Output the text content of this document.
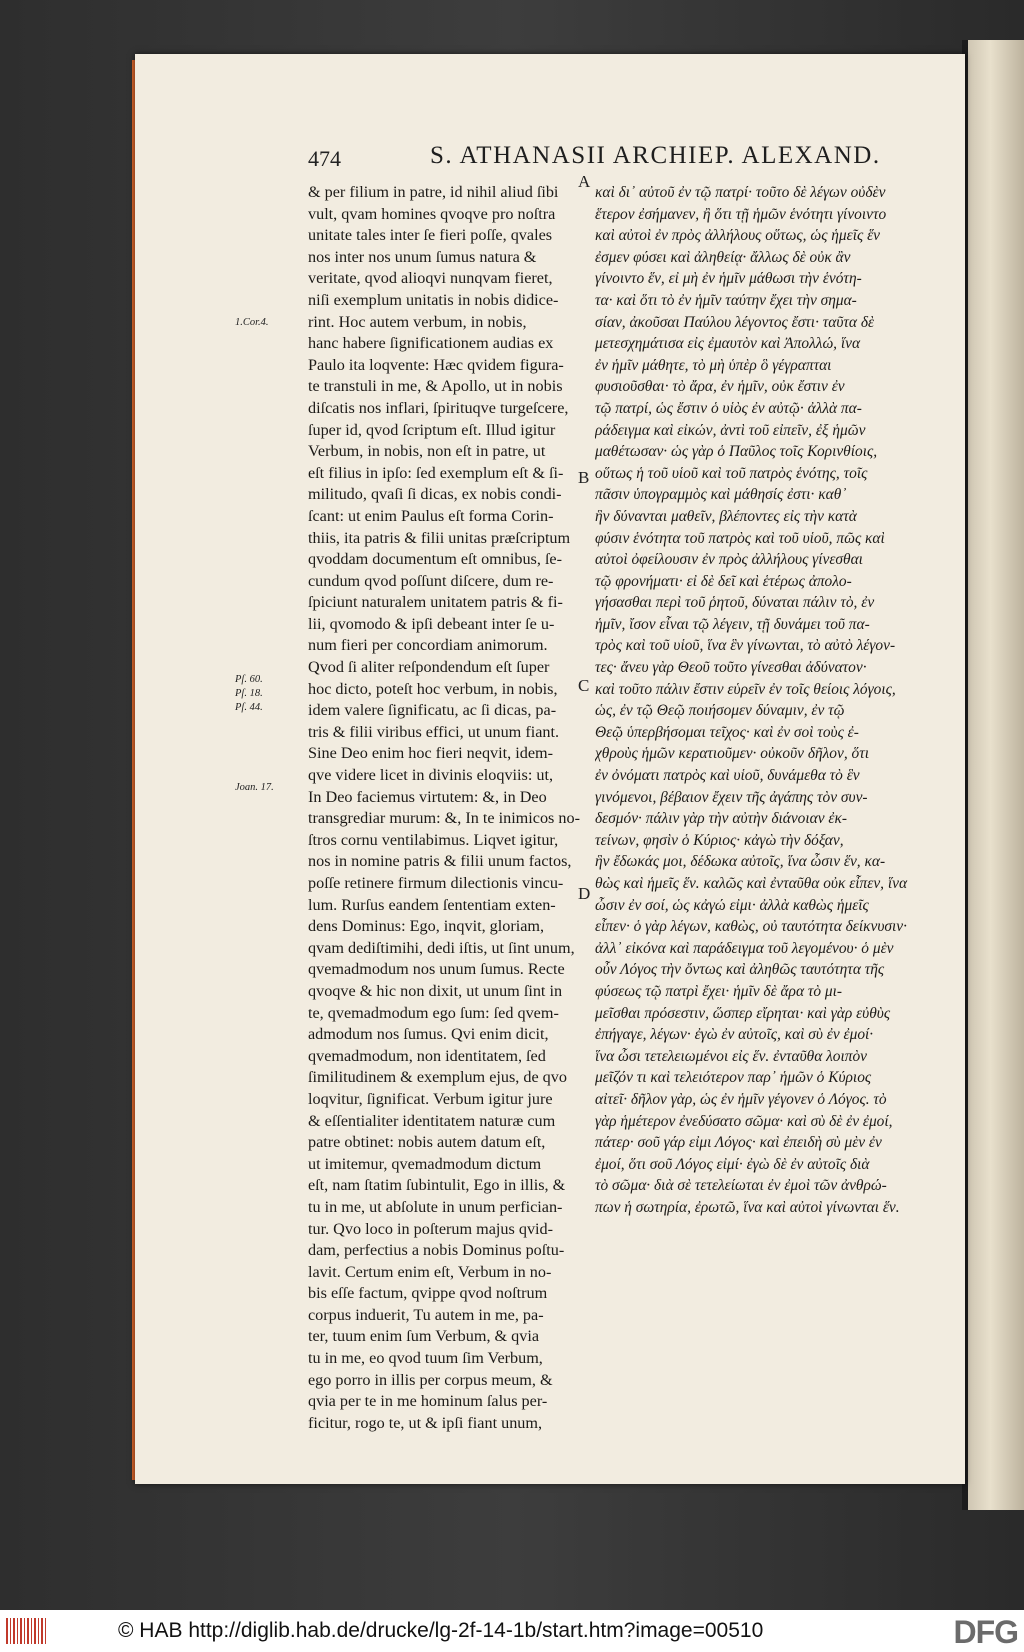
474	S. ATHANASII ARCHIEP. ALEXAND.
& per filium in patre, id nihil aliud ſibi
vult, qvam homines qvoqve pro noſtra
unitate tales inter ſe fieri poſſe, qvales
nos inter nos unum ſumus natura &
veritate, qvod alioqvi nunqvam fieret,
niſi exemplum unitatis in nobis didice-
rint. Hoc autem verbum, in nobis,
hanc habere ſignificationem audias ex
Paulo ita loqvente: Hæc qvidem figura-
te transtuli in me, & Apollo, ut in nobis
diſcatis nos inflari, ſpirituqve turgeſcere,
ſuper id, qvod ſcriptum eſt. Illud igitur
Verbum, in nobis, non eſt in patre, ut
eſt filius in ipſo: ſed exemplum eſt & ſi-
militudo, qvaſi ſi dicas, ex nobis condi-
ſcant: ut enim Paulus eſt forma Corin-
thiis, ita patris & filii unitas præſcriptum
qvoddam documentum eſt omnibus, ſe-
cundum qvod poſſunt diſcere, dum re-
ſpiciunt naturalem unitatem patris & fi-
lii, qvomodo & ipſi debeant inter ſe u-
num fieri per concordiam animorum.
Qvod ſi aliter reſpondendum eſt ſuper
hoc dicto, poteſt hoc verbum, in nobis,
idem valere ſignificatu, ac ſi dicas, pa-
tris & filii viribus effici, ut unum fiant.
Sine Deo enim hoc fieri neqvit, idem-
qve videre licet in divinis eloqviis: ut,
In Deo faciemus virtutem: &, in Deo
transgrediar murum: &, In te inimicos no-
ſtros cornu ventilabimus. Liqvet igitur,
nos in nomine patris & filii unum factos,
poſſe retinere firmum dilectionis vincu-
lum. Rurſus eandem ſententiam exten-
dens Dominus: Ego, inqvit, gloriam,
qvam dediſtimihi, dedi iſtis, ut ſint unum,
qvemadmodum nos unum ſumus. Recte
qvoqve & hic non dixit, ut unum ſint in
te, qvemadmodum ego ſum: ſed qvem-
admodum nos ſumus. Qvi enim dicit,
qvemadmodum, non identitatem, ſed
ſimilitudinem & exemplum ejus, de qvo
loqvitur, ſignificat. Verbum igitur jure
& eſſentialiter identitatem naturæ cum
patre obtinet: nobis autem datum eſt,
ut imitemur, qvemadmodum dictum
eſt, nam ſtatim ſubintulit, Ego in illis, &
tu in me, ut abſolute in unum perfician-
tur. Qvo loco in poſterum majus qvid-
dam, perfectius a nobis Dominus poſtu-
lavit. Certum enim eſt, Verbum in no-
bis eſſe factum, qvippe qvod noſtrum
corpus induerit, Tu autem in me, pa-
ter, tuum enim ſum Verbum, & qvia
tu in me, eo qvod tuum ſim Verbum,
ego porro in illis per corpus meum, &
qvia per te in me hominum ſalus per-
ficitur, rogo te, ut & ipſi fiant unum,
καὶ δι᾽ αὐτοῦ ἐν τῷ πατρί· τοῦτο δὲ λέγων οὐδὲν
ἕτερον ἐσήμανεν, ἢ ὅτι τῇ ἡμῶν ἑνότητι γίνοιντο
καὶ αὐτοὶ ἐν πρὸς ἀλλήλους οὕτως, ὡς ἡμεῖς ἕν
ἐσμεν φύσει καὶ ἀληθείᾳ· ἄλλως δὲ οὐκ ἂν
γίνοιντο ἕν, εἰ μὴ ἐν ἡμῖν μάθωσι τὴν ἑνότη-
τα· καὶ ὅτι τὸ ἐν ἡμῖν ταύτην ἔχει τὴν σημα-
σίαν, ἀκοῦσαι Παύλου λέγοντος ἔστι· ταῦτα δὲ
μετεσχημάτισα εἰς ἐμαυτὸν καὶ Ἀπολλώ, ἵνα
ἐν ἡμῖν μάθητε, τὸ μὴ ὑπὲρ ὃ γέγραπται
φυσιοῦσθαι· τὸ ἄρα, ἐν ἡμῖν, οὐκ ἔστιν ἐν
τῷ πατρί, ὡς ἔστιν ὁ υἱὸς ἐν αὐτῷ· ἀλλὰ πα-
ράδειγμα καὶ εἰκών, ἀντὶ τοῦ εἰπεῖν, ἐξ ἡμῶν
μαθέτωσαν· ὡς γὰρ ὁ Παῦλος τοῖς Κορινθίοις,
οὕτως ἡ τοῦ υἱοῦ καὶ τοῦ πατρὸς ἑνότης, τοῖς
πᾶσιν ὑπογραμμὸς καὶ μάθησίς ἐστι· καθ᾽
ἣν δύνανται μαθεῖν, βλέποντες εἰς τὴν κατὰ
φύσιν ἑνότητα τοῦ πατρὸς καὶ τοῦ υἱοῦ, πῶς καὶ
αὐτοὶ ὀφείλουσιν ἐν πρὸς ἀλλήλους γίνεσθαι
τῷ φρονήματι· εἰ δὲ δεῖ καὶ ἑτέρως ἀπολο-
γήσασθαι περὶ τοῦ ῥητοῦ, δύναται πάλιν τὸ, ἐν
ἡμῖν, ἴσον εἶναι τῷ λέγειν, τῇ δυνάμει τοῦ πα-
τρὸς καὶ τοῦ υἱοῦ, ἵνα ἓν γίνωνται, τὸ αὐτὸ λέγον-
τες· ἄνευ γὰρ Θεοῦ τοῦτο γίνεσθαι ἀδύνατον·
καὶ τοῦτο πάλιν ἔστιν εὑρεῖν ἐν τοῖς θείοις λόγοις,
ὡς, ἐν τῷ Θεῷ ποιήσομεν δύναμιν, ἐν τῷ
Θεῷ ὑπερβήσομαι τεῖχος· καὶ ἐν σοὶ τοὺς ἐ-
χθροὺς ἡμῶν κερατιοῦμεν· οὐκοῦν δῆλον, ὅτι
ἐν ὀνόματι πατρὸς καὶ υἱοῦ, δυνάμεθα τὸ ἓν
γινόμενοι, βέβαιον ἔχειν τῆς ἀγάπης τὸν συν-
δεσμόν· πάλιν γὰρ τὴν αὐτὴν διάνοιαν ἐκ-
τείνων, φησὶν ὁ Κύριος· κἀγὼ τὴν δόξαν,
ἣν ἔδωκάς μοι, δέδωκα αὐτοῖς, ἵνα ὦσιν ἕν, κα-
θὼς καὶ ἡμεῖς ἕν. καλῶς καὶ ἐνταῦθα οὐκ εἶπεν, ἵνα
ὦσιν ἐν σοί, ὡς κἀγώ εἰμι· ἀλλὰ καθὼς ἡμεῖς
εἶπεν· ὁ γὰρ λέγων, καθὼς, οὐ ταυτότητα δείκνυσιν·
ἀλλ᾽ εἰκόνα καὶ παράδειγμα τοῦ λεγομένου· ὁ μὲν
οὖν Λόγος τὴν ὄντως καὶ ἀληθῶς ταυτότητα τῆς
φύσεως τῷ πατρὶ ἔχει· ἡμῖν δὲ ἄρα τὸ μι-
μεῖσθαι πρόσεστιν, ὥσπερ εἴρηται· καὶ γὰρ εὐθὺς
ἐπήγαγε, λέγων· ἐγὼ ἐν αὐτοῖς, καὶ σὺ ἐν ἐμοί·
ἵνα ὦσι τετελειωμένοι εἰς ἕν. ἐνταῦθα λοιπὸν
μεῖζόν τι καὶ τελειότερον παρ᾽ ἡμῶν ὁ Κύριος
αἰτεῖ· δῆλον γὰρ, ὡς ἐν ἡμῖν γέγονεν ὁ Λόγος. τὸ
γὰρ ἡμέτερον ἐνεδύσατο σῶμα· καὶ σὺ δὲ ἐν ἐμοί,
πάτερ· σοῦ γάρ εἰμι Λόγος· καὶ ἐπειδὴ σὺ μὲν ἐν
ἐμοί, ὅτι σοῦ Λόγος εἰμί· ἐγὼ δὲ ἐν αὐτοῖς διὰ
τὸ σῶμα· διὰ σὲ τετελείωται ἐν ἐμοὶ τῶν ἀνθρώ-
πων ἡ σωτηρία, ἐρωτῶ, ἵνα καὶ αὐτοὶ γίνωνται ἕν.
1.Cor.4.
Pſ. 60.
Pſ. 18.
Pſ. 44.
Joan. 17.
A
B
C
D
© HAB http://diglib.hab.de/drucke/lg-2f-14-1b/start.htm?image=00510	DFG
